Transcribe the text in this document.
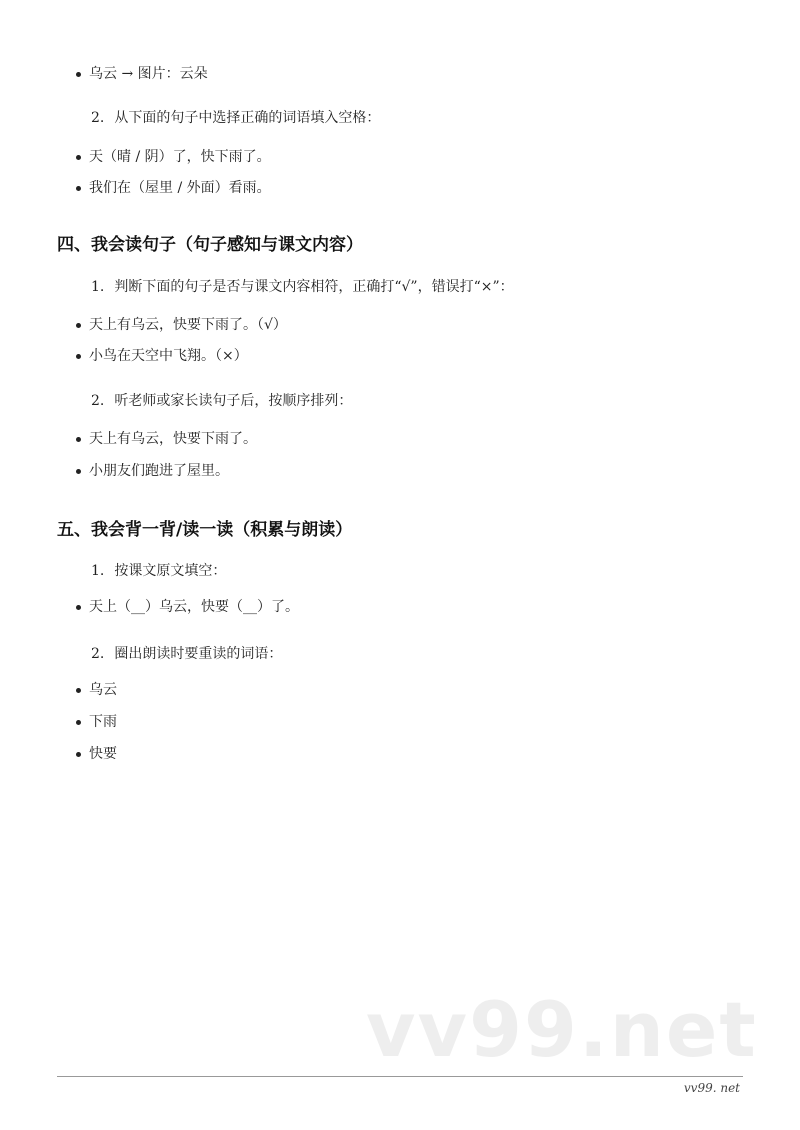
乌云 → 图片：云朵
2. 从下面的句子中选择正确的词语填入空格：
天（晴 / 阴）了，快下雨了。
我们在（屋里 / 外面）看雨。
四、我会读句子（句子感知与课文内容）
1. 判断下面的句子是否与课文内容相符，正确打“√”，错误打“×”：
天上有乌云，快要下雨了。（√）
小鸟在天空中飞翔。（×）
2. 听老师或家长读句子后，按顺序排列：
天上有乌云，快要下雨了。
小朋友们跑进了屋里。
五、我会背一背/读一读（积累与朗读）
1. 按课文原文填空：
天上（__）乌云，快要（__）了。
2. 圈出朗读时要重读的词语：
乌云
下雨
快要
vv99.net
vv99. net
